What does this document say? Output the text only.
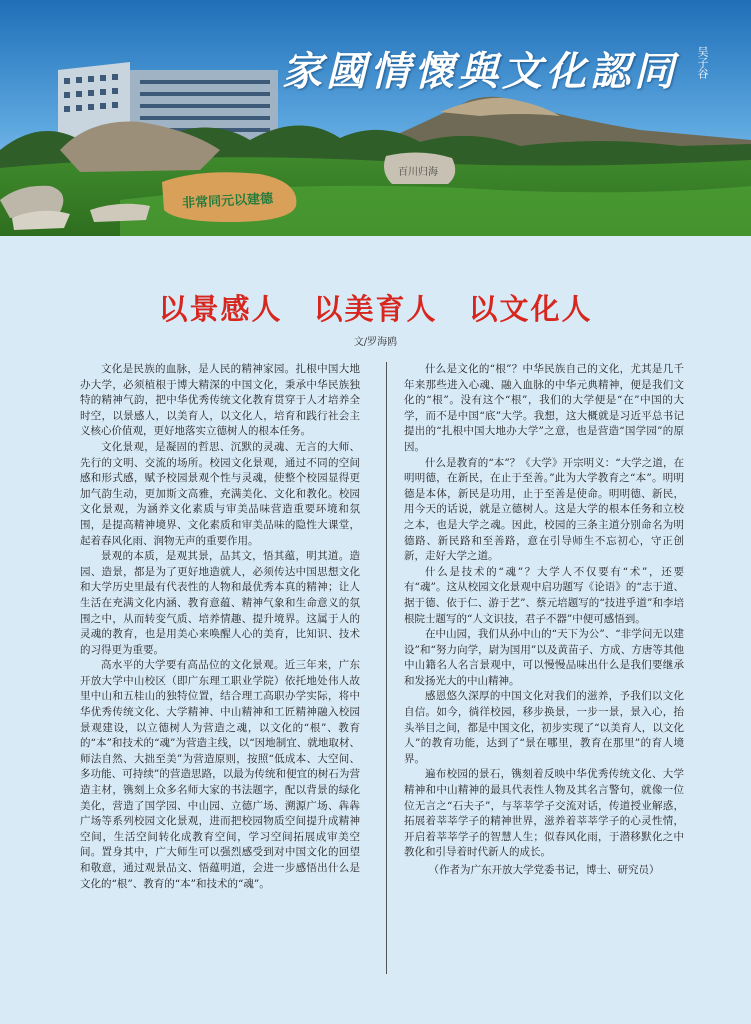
家國情懷與文化認同 吴子谷
非常同元以建德
百川归海
以景感人　以美育人　以文化人
文/罗海鸥

文化是民族的血脉，是人民的精神家园。扎根中国大地办大学，必须植根于博大精深的中国文化，秉承中华民族独特的精神气韵，把中华优秀传统文化教育贯穿于人才培养全时空，以景感人，以美育人，以文化人，培育和践行社会主义核心价值观，更好地落实立德树人的根本任务。

文化景观，是凝固的哲思、沉默的灵魂、无言的大师、先行的文明、交流的场所。校园文化景观，通过不同的空间感和形式感，赋予校园景观个性与灵魂，使整个校园显得更加气韵生动，更加斯文高雅，充满美化、文化和教化。校园文化景观，为涵养文化素质与审美品味营造重要环境和氛围，是提高精神境界、文化素质和审美品味的隐性大课堂，起着春风化雨、润物无声的重要作用。

景观的本质，是观其景，品其文，悟其蕴，明其道。造园、造景，都是为了更好地造就人，必须传达中国思想文化和大学历史里最有代表性的人物和最优秀本真的精神；让人生活在充满文化内涵、教育意蕴、精神气象和生命意义的氛围之中，从而转变气质、培养情趣、提升境界。这属于人的灵魂的教育，也是用美心来唤醒人心的美育，比知识、技术的习得更为重要。

高水平的大学要有高品位的文化景观。近三年来，广东开放大学中山校区（即广东理工职业学院）依托地处伟人故里中山和五桂山的独特位置，结合理工高职办学实际，将中华优秀传统文化、大学精神、中山精神和工匠精神融入校园景观建设，以立德树人为营造之魂，以文化的“根”、教育的“本”和技术的“魂”为营造主线，以“因地制宜、就地取材、师法自然、大拙至美”为营造原则，按照“低成本、大空间、多功能、可持续”的营造思路，以最为传统和便宜的树石为营造主材，镌刻上众多名师大家的书法题字，配以背景的绿化美化，营造了国学园、中山园、立德广场、溯源广场、犇犇广场等系列校园文化景观，进而把校园物质空间提升成精神空间，生活空间转化成教育空间，学习空间拓展成审美空间。置身其中，广大师生可以强烈感受到对中国文化的回望和敬意，通过观景品文、悟蕴明道，会进一步感悟出什么是文化的“根”、教育的“本”和技术的“魂”。

什么是文化的“根”？中华民族自己的文化，尤其是几千年来那些进入心魂、融入血脉的中华元典精神，便是我们文化的“根”。没有这个“根”，我们的大学便是“在”中国的大学，而不是中国“底”大学。我想，这大概就是习近平总书记提出的“扎根中国大地办大学”之意，也是营造“国学园”的原因。

什么是教育的“本”？《大学》开宗明义：“大学之道，在明明德，在新民，在止于至善。”此为大学教育之“本”。明明德是本体，新民是功用，止于至善是使命。明明德、新民，用今天的话说，就是立德树人。这是大学的根本任务和立校之本，也是大学之魂。因此，校园的三条主道分别命名为明德路、新民路和至善路，意在引导师生不忘初心，守正创新，走好大学之道。

什么是技术的“魂”？大学人不仅要有“术”，还要有“魂”。这从校园文化景观中启功题写《论语》的“志于道、据于德、依于仁、游于艺”、蔡元培题写的“技进乎道”和李培根院士题写的“人文识技，君子不器”中便可感悟到。

在中山园，我们从孙中山的“天下为公”、“非学问无以建设”和“努力向学，尉为国用”以及黄苗子、方成、方唐等其他中山籍名人名言景观中，可以慢慢品味出什么是我们要继承和发扬光大的中山精神。

感恩悠久深厚的中国文化对我们的滋养，予我们以文化自信。如今，徜徉校园，移步换景，一步一景，景入心，抬头举目之间，都是中国文化，初步实现了“以美育人，以文化人”的教育功能，达到了“景在哪里，教育在那里”的育人境界。

遍布校园的景石，镌刻着反映中华优秀传统文化、大学精神和中山精神的最具代表性人物及其名言警句，就像一位位无言之“石夫子”，与莘莘学子交流对话，传道授业解惑，拓展着莘莘学子的精神世界，滋养着莘莘学子的心灵性情，开启着莘莘学子的智慧人生；似春风化雨，于潜移默化之中教化和引导着时代新人的成长。

（作者为广东开放大学党委书记，博士、研究员）
